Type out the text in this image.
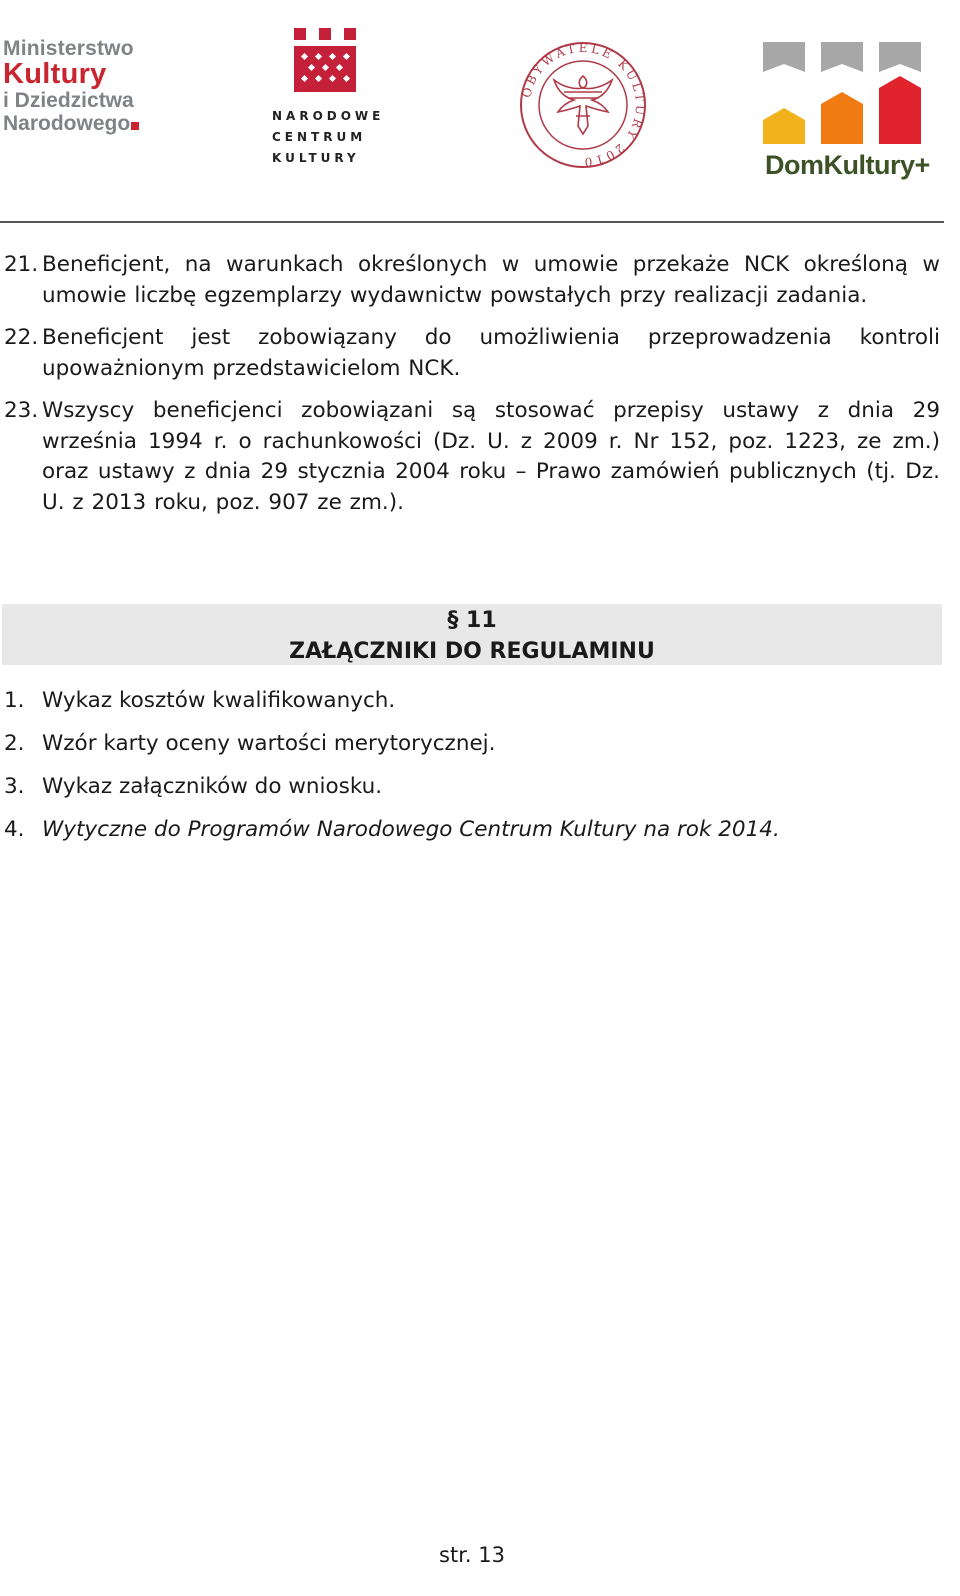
Ministerstwo
Kultury
i Dziedzictwa
Narodowego	NARODOWE
CENTRUM
KULTURY
OBYWATELE KULTURY 2010	DomKultury+
21. Beneficjent, na warunkach określonych w umowie przekaże NCK określoną w umowie liczbę egzemplarzy wydawnictw powstałych przy realizacji zadania.
22. Beneficjent jest zobowiązany do umożliwienia przeprowadzenia kontroli upoważnionym przedstawicielom NCK.
23. Wszyscy beneficjenci zobowiązani są stosować przepisy ustawy z dnia 29 września 1994 r. o rachunkowości (Dz. U. z 2009 r. Nr 152, poz. 1223, ze zm.) oraz ustawy z dnia 29 stycznia 2004 roku – Prawo zamówień publicznych (tj. Dz. U. z 2013 roku, poz. 907 ze zm.).
§ 11
ZAŁĄCZNIKI DO REGULAMINU
1. Wykaz kosztów kwalifikowanych.
2. Wzór karty oceny wartości merytorycznej.
3. Wykaz załączników do wniosku.
4. Wytyczne do Programów Narodowego Centrum Kultury na rok 2014.
str. 13
